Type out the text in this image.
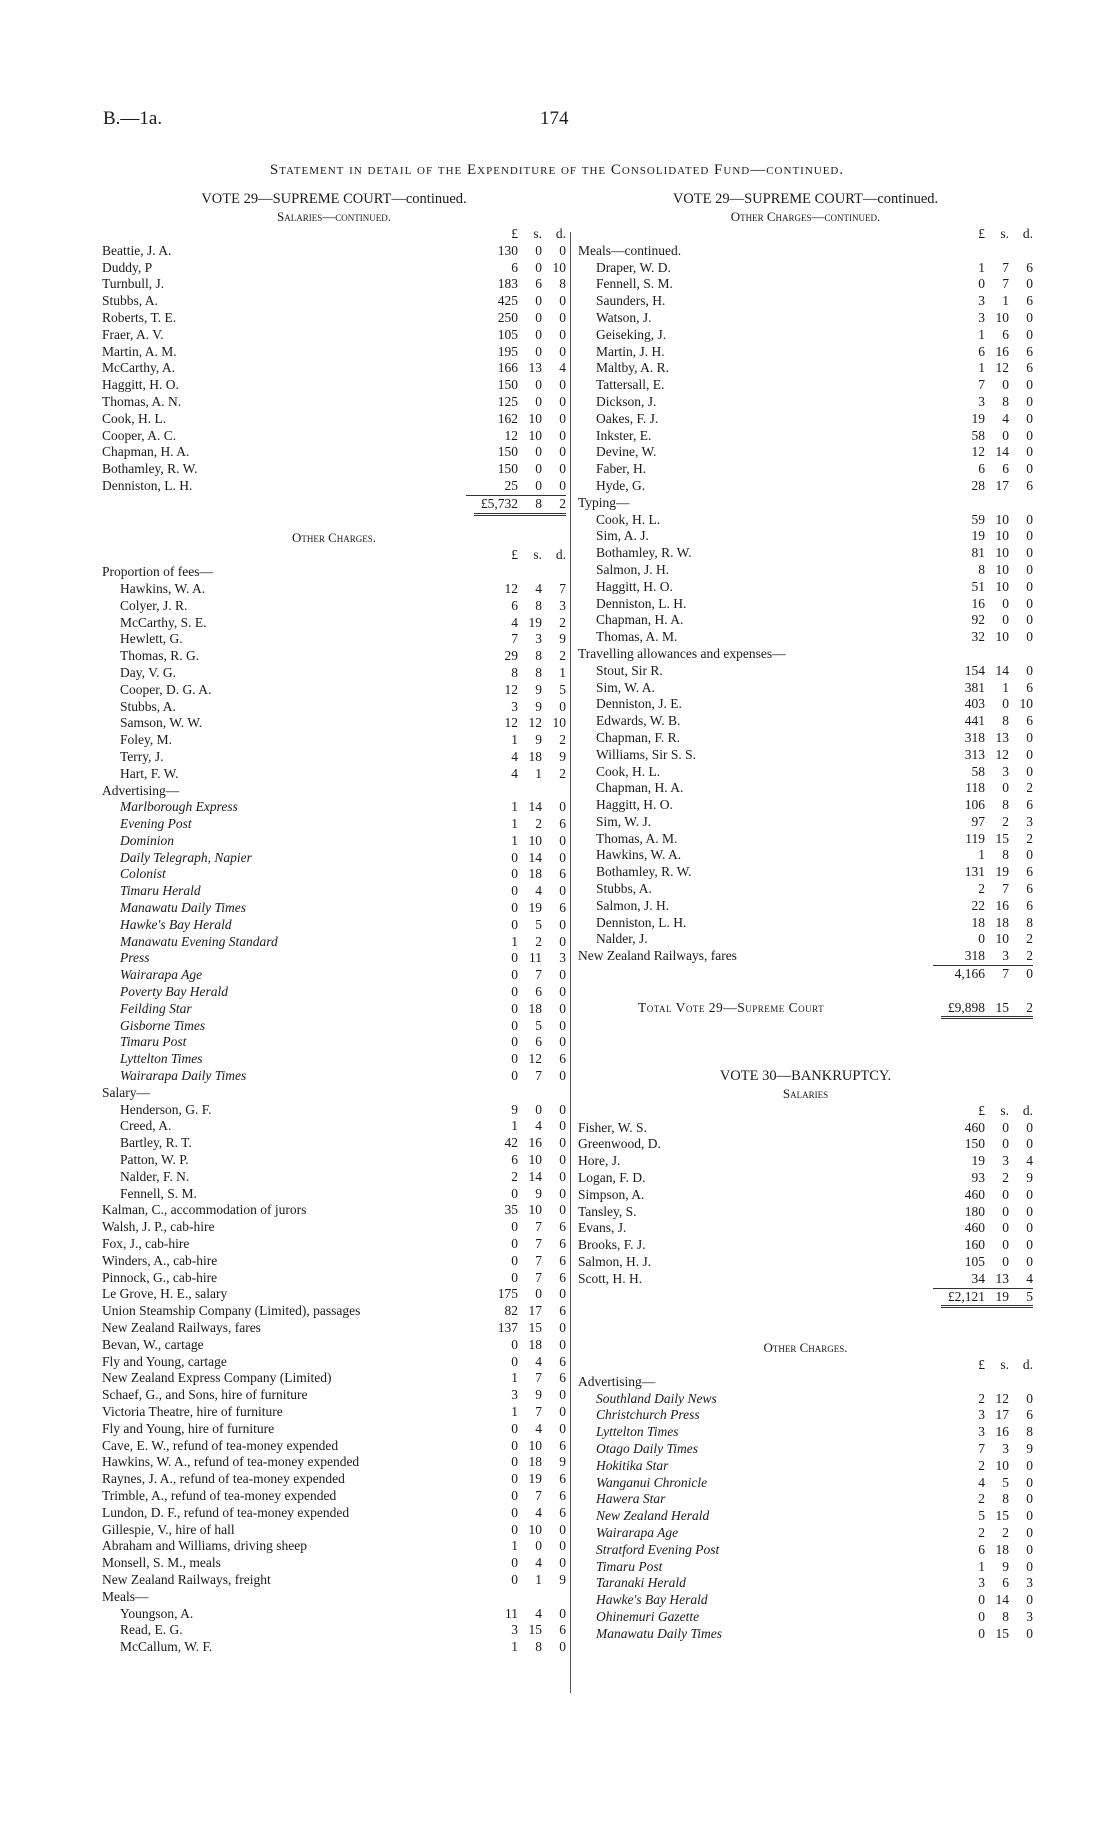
B.—1a.	174
Statement in detail of the Expenditure of the Consolidated Fund—continued.
VOTE 29—SUPREME COURT—continued.
Salaries—continued.
£	s.	d.
Beattie, J. A.	130	0	0
Duddy, P	6	0 10
Turnbull, J.	183	6	8
Stubbs, A.	425	0	0
Roberts, T. E.	250	0	0
Fraer, A. V.	105	0	0
Martin, A. M.	195	0	0
McCarthy, A.	166 13	4
Haggitt, H. O.	150	0	0
Thomas, A. N.	125	0	0
Cook, H. L.	162 10	0
Cooper, A. C.	12 10	0
Chapman, H. A.	150	0	0
Bothamley, R. W.	150	0	0
Denniston, L. H.	25	0	0
£5,732	8	2
Other Charges.
£	s.	d.
Proportion of fees—
Hawkins, W. A.	12	4	7
Colyer, J. R.	6	8	3
McCarthy, S. E.	4 19	2
Hewlett, G.	7	3	9
Thomas, R. G.	29	8	2
Day, V. G.	8	8	1
Cooper, D. G. A.	12	9	5
Stubbs, A.	3	9	0
Samson, W. W.	12 12 10
Foley, M.	1	9	2
Terry, J.	4 18	9
Hart, F. W.	4	1	2
Advertising—
Marlborough Express	1 14	0
Evening Post	1	2	6
Dominion	1 10	0
Daily Telegraph, Napier	0 14	0
Colonist	0 18	6
Timaru Herald	0	4	0
Manawatu Daily Times	0 19	6
Hawke's Bay Herald	0	5	0
Manawatu Evening Standard	1	2	0
Press	0 11	3
Wairarapa Age	0	7	0
Poverty Bay Herald	0	6	0
Feilding Star	0 18	0
Gisborne Times	0	5	0
Timaru Post	0	6	0
Lyttelton Times	0 12	6
Wairarapa Daily Times	0	7	0
Salary—
Henderson, G. F.	9	0	0
Creed, A.	1	4	0
Bartley, R. T.	42 16	0
Patton, W. P.	6 10	0
Nalder, F. N.	2 14	0
Fennell, S. M.	0	9	0
Kalman, C., accommodation of jurors	35 10	0
Walsh, J. P., cab-hire	0	7	6
Fox, J., cab-hire	0	7	6
Winders, A., cab-hire	0	7	6
Pinnock, G., cab-hire	0	7	6
Le Grove, H. E., salary	175	0	0
Union Steamship Company (Limited), passages	82 17	6
New Zealand Railways, fares	137 15	0
Bevan, W., cartage	0 18	0
Fly and Young, cartage	0	4	6
New Zealand Express Company (Limited)	1	7	6
Schaef, G., and Sons, hire of furniture	3	9	0
Victoria Theatre, hire of furniture	1	7	0
Fly and Young, hire of furniture	0	4	0
Cave, E. W., refund of tea-money expended	0 10	6
Hawkins, W. A., refund of tea-money expended	0 18	9
Raynes, J. A., refund of tea-money expended	0 19	6
Trimble, A., refund of tea-money expended	0	7	6
Lundon, D. F., refund of tea-money expended	0	4	6
Gillespie, V., hire of hall	0 10	0
Abraham and Williams, driving sheep	1	0	0
Monsell, S. M., meals	0	4	0
New Zealand Railways, freight	0	1	9
Meals—
Youngson, A.	11	4	0
Read, E. G.	3 15	6
McCallum, W. F.	1	8	0
VOTE 29—SUPREME COURT—continued.
Other Charges—continued.
£	s.	d.
Meals—continued.
Draper, W. D.	1	7	6
Fennell, S. M.	0	7	0
Saunders, H.	3	1	6
Watson, J.	3 10	0
Geiseking, J.	1	6	0
Martin, J. H.	6 16	6
Maltby, A. R.	1 12	6
Tattersall, E.	7	0	0
Dickson, J.	3	8	0
Oakes, F. J.	19	4	0
Inkster, E.	58	0	0
Devine, W.	12 14	0
Faber, H.	6	6	0
Hyde, G.	28 17	6
Typing—
Cook, H. L.	59 10	0
Sim, A. J.	19 10	0
Bothamley, R. W.	81 10	0
Salmon, J. H.	8 10	0
Haggitt, H. O.	51 10	0
Denniston, L. H.	16	0	0
Chapman, H. A.	92	0	0
Thomas, A. M.	32 10	0
Travelling allowances and expenses—
Stout, Sir R.	154 14	0
Sim, W. A.	381	1	6
Denniston, J. E.	403	0 10
Edwards, W. B.	441	8	6
Chapman, F. R.	318 13	0
Williams, Sir S. S.	313 12	0
Cook, H. L.	58	3	0
Chapman, H. A.	118	0	2
Haggitt, H. O.	106	8	6
Sim, W. J.	97	2	3
Thomas, A. M.	119 15	2
Hawkins, W. A.	1	8	0
Bothamley, R. W.	131 19	6
Stubbs, A.	2	7	6
Salmon, J. H.	22 16	6
Denniston, L. H.	18 18	8
Nalder, J.	0 10	2
New Zealand Railways, fares	318	3	2
4,166	7	0
Total Vote 29—Supreme Court	£9,898 15	2
VOTE 30—BANKRUPTCY.
Salaries
£	s.	d.
Fisher, W. S.	460	0	0
Greenwood, D.	150	0	0
Hore, J.	19	3	4
Logan, F. D.	93	2	9
Simpson, A.	460	0	0
Tansley, S.	180	0	0
Evans, J.	460	0	0
Brooks, F. J.	160	0	0
Salmon, H. J.	105	0	0
Scott, H. H.	34 13	4
£2,121 19	5
Other Charges.
£	s.	d.
Advertising—
Southland Daily News	2 12	0
Christchurch Press	3 17	6
Lyttelton Times	3 16	8
Otago Daily Times	7	3	9
Hokitika Star	2 10	0
Wanganui Chronicle	4	5	0
Hawera Star	2	8	0
New Zealand Herald	5 15	0
Wairarapa Age	2	2	0
Stratford Evening Post	6 18	0
Timaru Post	1	9	0
Taranaki Herald	3	6	3
Hawke's Bay Herald	0 14	0
Ohinemuri Gazette	0	8	3
Manawatu Daily Times	0 15	0
